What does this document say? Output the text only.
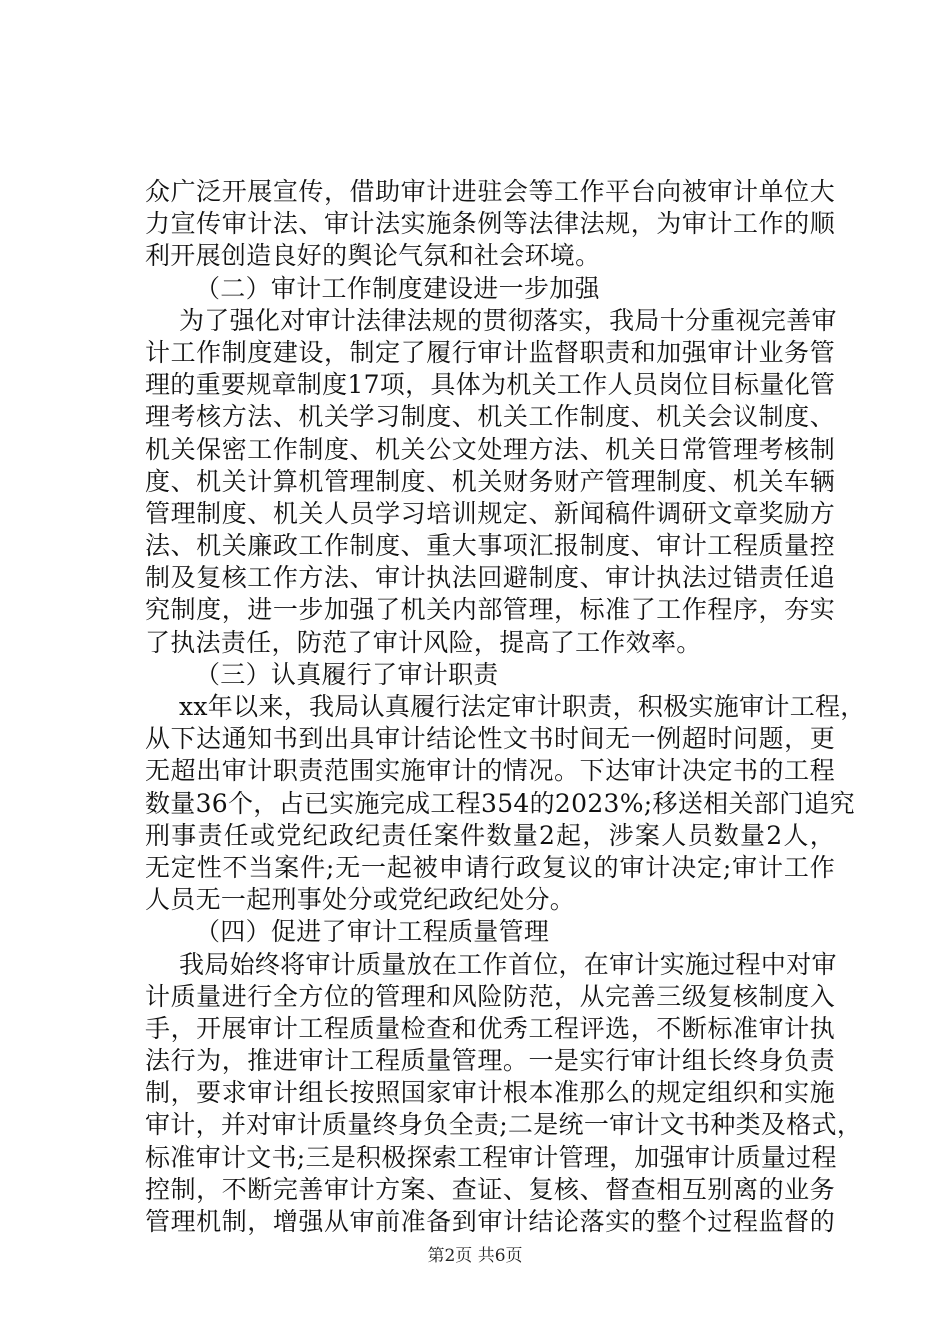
众广泛开展宣传，借助审计进驻会等工作平台向被审计单位大
力宣传审计法、审计法实施条例等法律法规，为审计工作的顺
利开展创造良好的舆论气氛和社会环境。
（二）审计工作制度建设进一步加强
为了强化对审计法律法规的贯彻落实，我局十分重视完善审
计工作制度建设，制定了履行审计监督职责和加强审计业务管
理的重要规章制度17项，具体为机关工作人员岗位目标量化管
理考核方法、机关学习制度、机关工作制度、机关会议制度、
机关保密工作制度、机关公文处理方法、机关日常管理考核制
度、机关计算机管理制度、机关财务财产管理制度、机关车辆
管理制度、机关人员学习培训规定、新闻稿件调研文章奖励方
法、机关廉政工作制度、重大事项汇报制度、审计工程质量控
制及复核工作方法、审计执法回避制度、审计执法过错责任追
究制度，进一步加强了机关内部管理，标准了工作程序，夯实
了执法责任，防范了审计风险，提高了工作效率。
（三）认真履行了审计职责
xx年以来，我局认真履行法定审计职责，积极实施审计工程，
从下达通知书到出具审计结论性文书时间无一例超时问题，更
无超出审计职责范围实施审计的情况。下达审计决定书的工程
数量36个，占已实施完成工程354的2023%;移送相关部门追究
刑事责任或党纪政纪责任案件数量2起，涉案人员数量2人，
无定性不当案件;无一起被申请行政复议的审计决定;审计工作
人员无一起刑事处分或党纪政纪处分。
（四）促进了审计工程质量管理
我局始终将审计质量放在工作首位，在审计实施过程中对审
计质量进行全方位的管理和风险防范，从完善三级复核制度入
手，开展审计工程质量检查和优秀工程评选，不断标准审计执
法行为，推进审计工程质量管理。一是实行审计组长终身负责
制，要求审计组长按照国家审计根本准那么的规定组织和实施
审计，并对审计质量终身负全责;二是统一审计文书种类及格式，
标准审计文书;三是积极探索工程审计管理，加强审计质量过程
控制，不断完善审计方案、查证、复核、督查相互别离的业务
管理机制，增强从审前准备到审计结论落实的整个过程监督的
第2页 共6页
